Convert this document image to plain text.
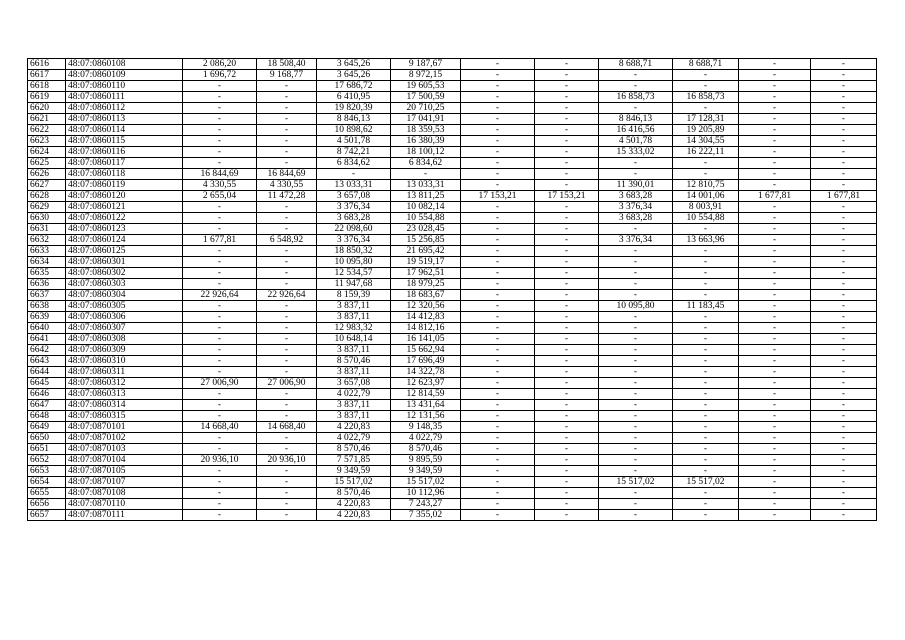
6616	48:07:0860108	2 086,20	18 508,40	3 645,26	9 187,67	-	-	8 688,71	8 688,71	-	-
6617	48:07:0860109	1 696,72	9 168,77	3 645,26	8 972,15	-	-	-	-	-	-
6618	48:07:0860110	-	-	17 686,72	19 605,53	-	-	-	-	-	-
6619	48:07:0860111	-	-	6 410,95	17 500,59	-	-	16 858,73	16 858,73	-	-
6620	48:07:0860112	-	-	19 820,39	20 710,25	-	-	-	-	-	-
6621	48:07:0860113	-	-	8 846,13	17 041,91	-	-	8 846,13	17 128,31	-	-
6622	48:07:0860114	-	-	10 898,62	18 359,53	-	-	16 416,56	19 205,89	-	-
6623	48:07:0860115	-	-	4 501,78	16 380,39	-	-	4 501,78	14 304,55	-	-
6624	48:07:0860116	-	-	8 742,21	18 100,12	-	-	15 333,02	16 222,11	-	-
6625	48:07:0860117	-	-	6 834,62	6 834,62	-	-	-	-	-	-
6626	48:07:0860118	16 844,69	16 844,69	-	-	-	-	-	-	-	-
6627	48:07:0860119	4 330,55	4 330,55	13 033,31	13 033,31	-	-	11 390,01	12 810,75	-	-
6628	48:07:0860120	2 655,04	11 472,28	3 657,08	13 811,25	17 153,21	17 153,21	3 683,28	14 001,06	1 677,81	1 677,81
6629	48:07:0860121	-	-	3 376,34	10 082,14	-	-	3 376,34	8 003,91	-	-
6630	48:07:0860122	-	-	3 683,28	10 554,88	-	-	3 683,28	10 554,88	-	-
6631	48:07:0860123	-	-	22 098,60	23 028,45	-	-	-	-	-	-
6632	48:07:0860124	1 677,81	6 548,92	3 376,34	15 256,85	-	-	3 376,34	13 663,96	-	-
6633	48:07:0860125	-	-	18 850,32	21 695,42	-	-	-	-	-	-
6634	48:07:0860301	-	-	10 095,80	19 519,17	-	-	-	-	-	-
6635	48:07:0860302	-	-	12 534,57	17 962,51	-	-	-	-	-	-
6636	48:07:0860303	-	-	11 947,68	18 979,25	-	-	-	-	-	-
6637	48:07:0860304	22 926,64	22 926,64	8 159,39	18 683,67	-	-	-	-	-	-
6638	48:07:0860305	-	-	3 837,11	12 320,56	-	-	10 095,80	11 183,45	-	-
6639	48:07:0860306	-	-	3 837,11	14 412,83	-	-	-	-	-	-
6640	48:07:0860307	-	-	12 983,32	14 812,16	-	-	-	-	-	-
6641	48:07:0860308	-	-	10 648,14	16 141,05	-	-	-	-	-	-
6642	48:07:0860309	-	-	3 837,11	15 662,94	-	-	-	-	-	-
6643	48:07:0860310	-	-	8 570,46	17 696,49	-	-	-	-	-	-
6644	48:07:0860311	-	-	3 837,11	14 322,78	-	-	-	-	-	-
6645	48:07:0860312	27 006,90	27 006,90	3 657,08	12 623,97	-	-	-	-	-	-
6646	48:07:0860313	-	-	4 022,79	12 814,59	-	-	-	-	-	-
6647	48:07:0860314	-	-	3 837,11	13 431,64	-	-	-	-	-	-
6648	48:07:0860315	-	-	3 837,11	12 131,56	-	-	-	-	-	-
6649	48:07:0870101	14 668,40	14 668,40	4 220,83	9 148,35	-	-	-	-	-	-
6650	48:07:0870102	-	-	4 022,79	4 022,79	-	-	-	-	-	-
6651	48:07:0870103	-	-	8 570,46	8 570,46	-	-	-	-	-	-
6652	48:07:0870104	20 936,10	20 936,10	7 571,85	9 895,59	-	-	-	-	-	-
6653	48:07:0870105	-	-	9 349,59	9 349,59	-	-	-	-	-	-
6654	48:07:0870107	-	-	15 517,02	15 517,02	-	-	15 517,02	15 517,02	-	-
6655	48:07:0870108	-	-	8 570,46	10 112,96	-	-	-	-	-	-
6656	48:07:0870110	-	-	4 220,83	7 243,27	-	-	-	-	-	-
6657	48:07:0870111	-	-	4 220,83	7 355,02	-	-	-	-	-	-
